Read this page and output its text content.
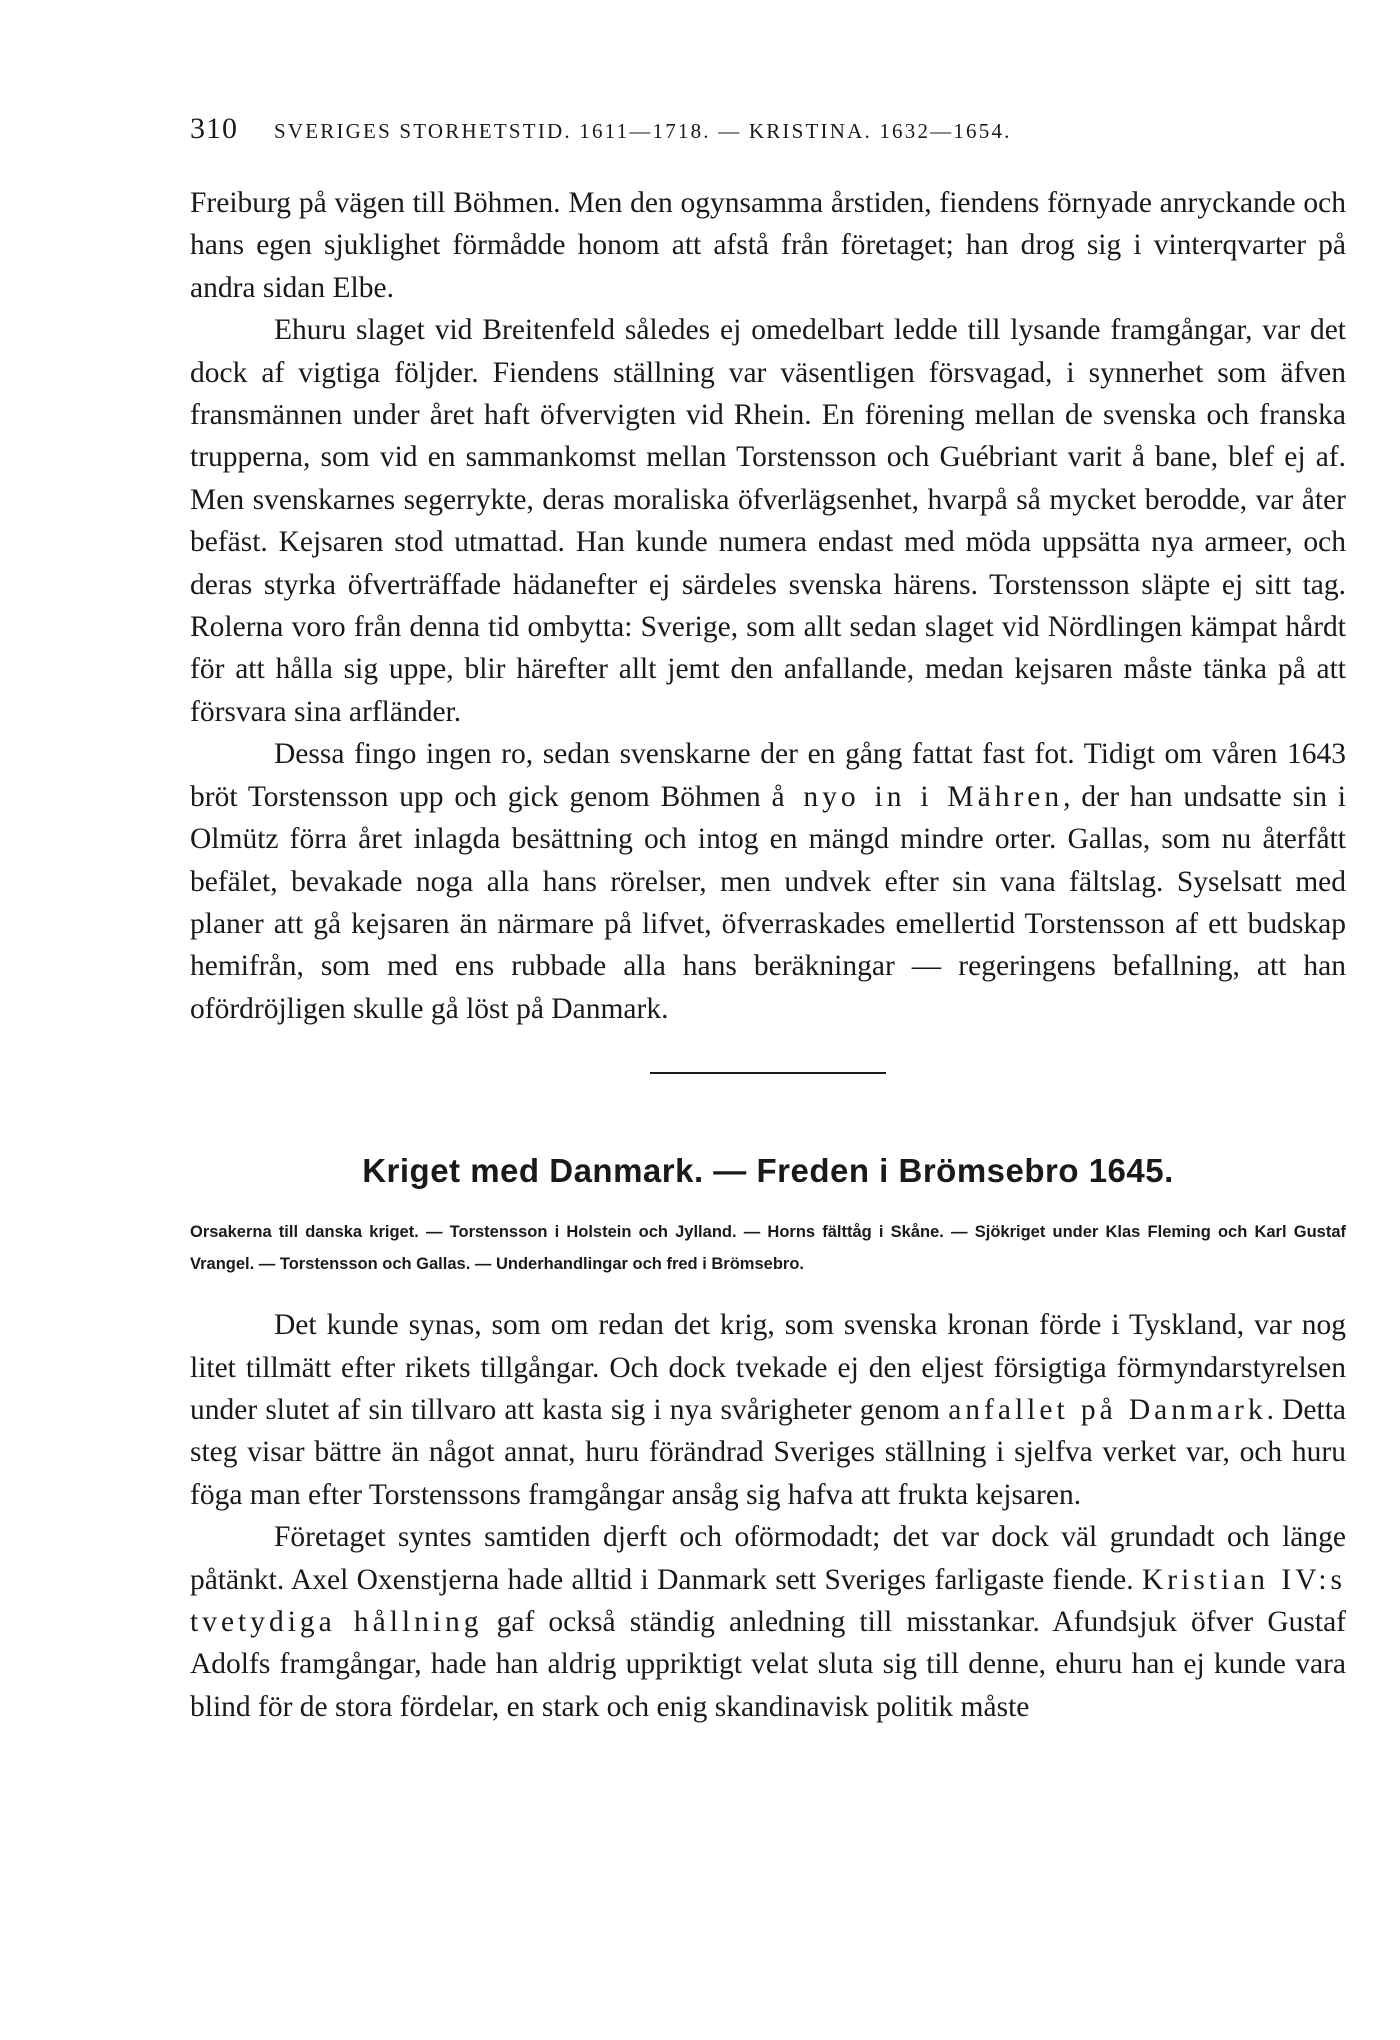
310 SVERIGES STORHETSTID. 1611—1718. — KRISTINA. 1632—1654.

Freiburg på vägen till Böhmen. Men den ogynsamma årstiden, fiendens förnyade anryckande och hans egen sjuklighet förmådde honom att afstå från företaget; han drog sig i vinterqvarter på andra sidan Elbe.

Ehuru slaget vid Breitenfeld således ej omedelbart ledde till lysande framgångar, var det dock af vigtiga följder. Fiendens ställning var väsentligen försvagad, i synnerhet som äfven fransmännen under året haft öfvervigten vid Rhein. En förening mellan de svenska och franska trupperna, som vid en sammankomst mellan Torstensson och Guébriant varit å bane, blef ej af. Men svenskarnes segerrykte, deras moraliska öfverlägsenhet, hvarpå så mycket berodde, var åter befäst. Kejsaren stod utmattad. Han kunde numera endast med möda uppsätta nya armeer, och deras styrka öfverträffade hädanefter ej särdeles svenska härens. Torstensson släpte ej sitt tag. Rolerna voro från denna tid ombytta: Sverige, som allt sedan slaget vid Nördlingen kämpat hårdt för att hålla sig uppe, blir härefter allt jemt den anfallande, medan kejsaren måste tänka på att försvara sina arfländer.

Dessa fingo ingen ro, sedan svenskarne der en gång fattat fast fot. Tidigt om våren 1643 bröt Torstensson upp och gick genom Böhmen å nyo in i Mähren, der han undsatte sin i Olmütz förra året inlagda besättning och intog en mängd mindre orter. Gallas, som nu återfått befälet, bevakade noga alla hans rörelser, men undvek efter sin vana fältslag. Syselsatt med planer att gå kejsaren än närmare på lifvet, öfverraskades emellertid Torstensson af ett budskap hemifrån, som med ens rubbade alla hans beräkningar — regeringens befallning, att han ofördröjligen skulle gå löst på Danmark.

Kriget med Danmark. — Freden i Brömsebro 1645.

Orsakerna till danska kriget. — Torstensson i Holstein och Jylland. — Horns fälttåg i Skåne. — Sjökriget under Klas Fleming och Karl Gustaf Vrangel. — Torstensson och Gallas. — Underhandlingar och fred i Brömsebro.

Det kunde synas, som om redan det krig, som svenska kronan förde i Tyskland, var nog litet tillmätt efter rikets tillgångar. Och dock tvekade ej den eljest försigtiga förmyndarstyrelsen under slutet af sin tillvaro att kasta sig i nya svårigheter genom anfallet på Danmark. Detta steg visar bättre än något annat, huru förändrad Sveriges ställning i sjelfva verket var, och huru föga man efter Torstenssons framgångar ansåg sig hafva att frukta kejsaren.

Företaget syntes samtiden djerft och oförmodadt; det var dock väl grundadt och länge påtänkt. Axel Oxenstjerna hade alltid i Danmark sett Sveriges farligaste fiende. Kristian IV:s tvetydiga hållning gaf också ständig anledning till misstankar. Afundsjuk öfver Gustaf Adolfs framgångar, hade han aldrig uppriktigt velat sluta sig till denne, ehuru han ej kunde vara blind för de stora fördelar, en stark och enig skandinavisk politik måste
